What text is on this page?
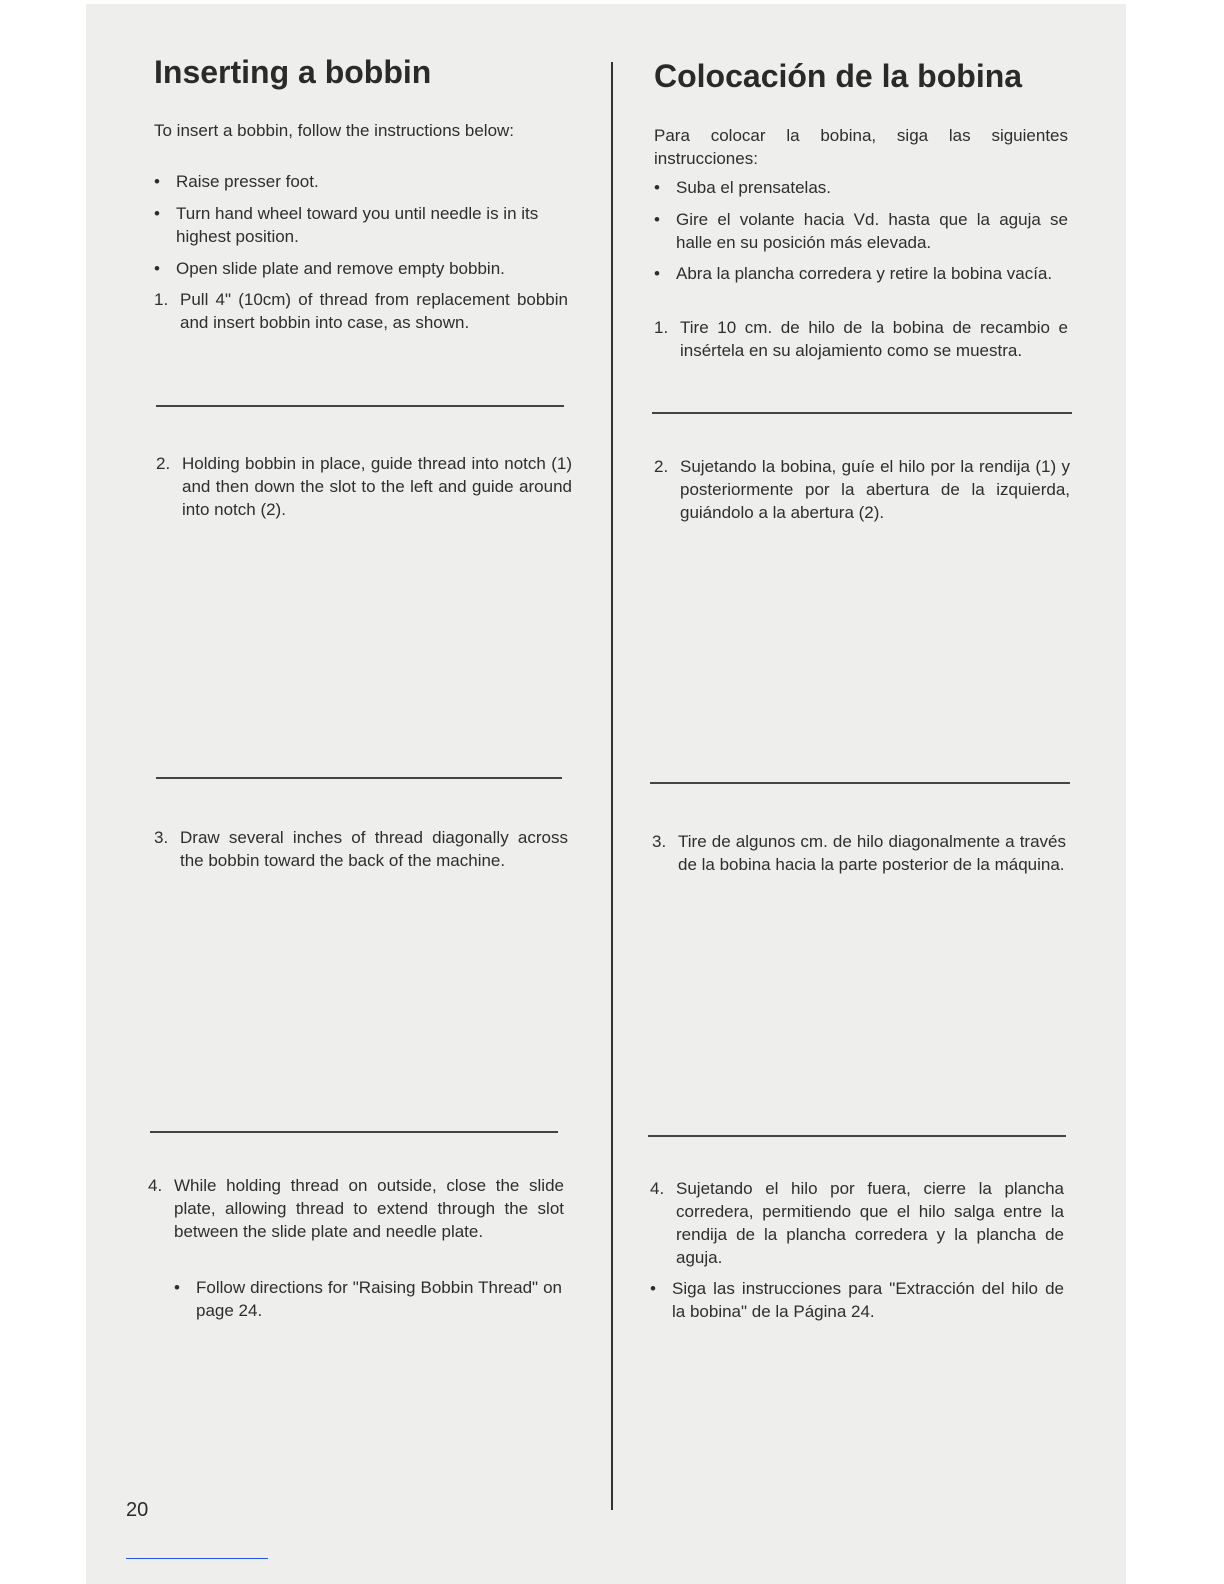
Inserting a bobbin
To insert a bobbin, follow the instructions below:
• Raise presser foot.
• Turn hand wheel toward you until needle is in its highest position.
• Open slide plate and remove empty bobbin.
1. Pull 4" (10cm) of thread from replacement bobbin and insert bobbin into case, as shown.
2. Holding bobbin in place, guide thread into notch (1) and then down the slot to the left and guide around into notch (2).
3. Draw several inches of thread diagonally across the bobbin toward the back of the machine.
4. While holding thread on outside, close the slide plate, allowing thread to extend through the slot between the slide plate and needle plate.
• Follow directions for "Raising Bobbin Thread" on page 24.
Colocación de la bobina
Para colocar la bobina, siga las siguientes instrucciones:
• Suba el prensatelas.
• Gire el volante hacia Vd. hasta que la aguja se halle en su posición más elevada.
• Abra la plancha corredera y retire la bobina vacía.
1. Tire 10 cm. de hilo de la bobina de recambio e insértela en su alojamiento como se muestra.
2. Sujetando la bobina, guíe el hilo por la rendija (1) y posteriormente por la abertura de la izquierda, guiándolo a la abertura (2).
3. Tire de algunos cm. de hilo diagonalmente a través de la bobina hacia la parte posterior de la máquina.
4. Sujetando el hilo por fuera, cierre la plancha corredera, permitiendo que el hilo salga entre la rendija de la plancha corredera y la plancha de aguja.
• Siga las instrucciones para "Extracción del hilo de la bobina" de la Página 24.
20
